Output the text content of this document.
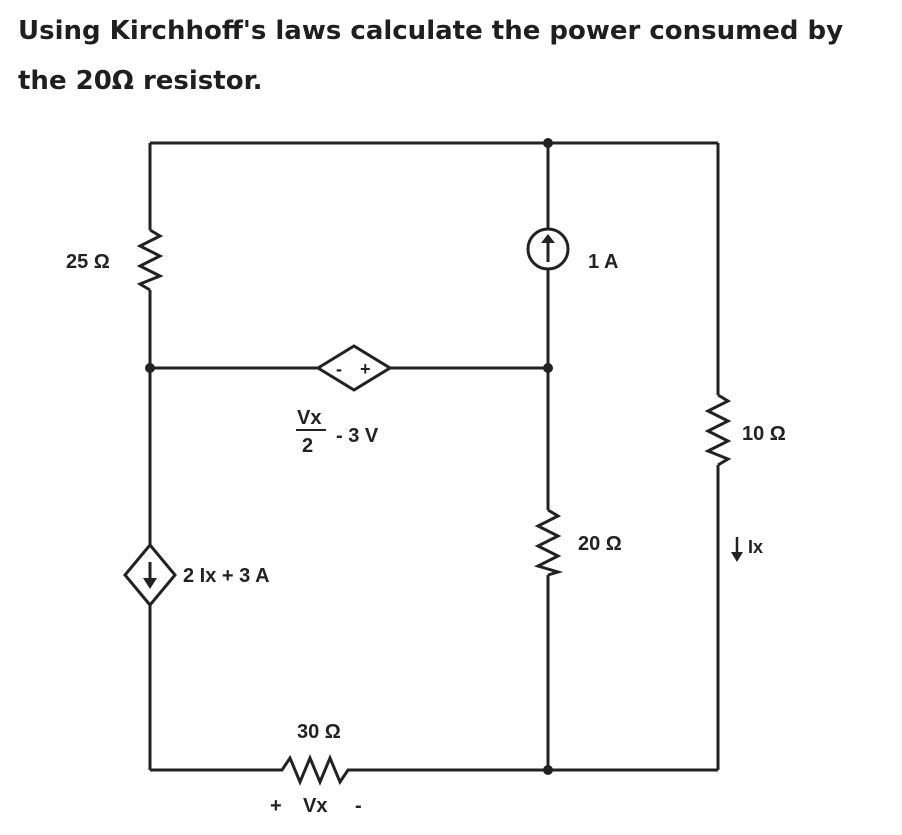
Using Kirchhoff's laws calculate the power consumed by
the 20Ω resistor.
25 Ω	1 A
- +
Vx
2 - 3 V	10 Ω
Ix
20 Ω
2 Ix + 3 A
30 Ω
+ Vx -
